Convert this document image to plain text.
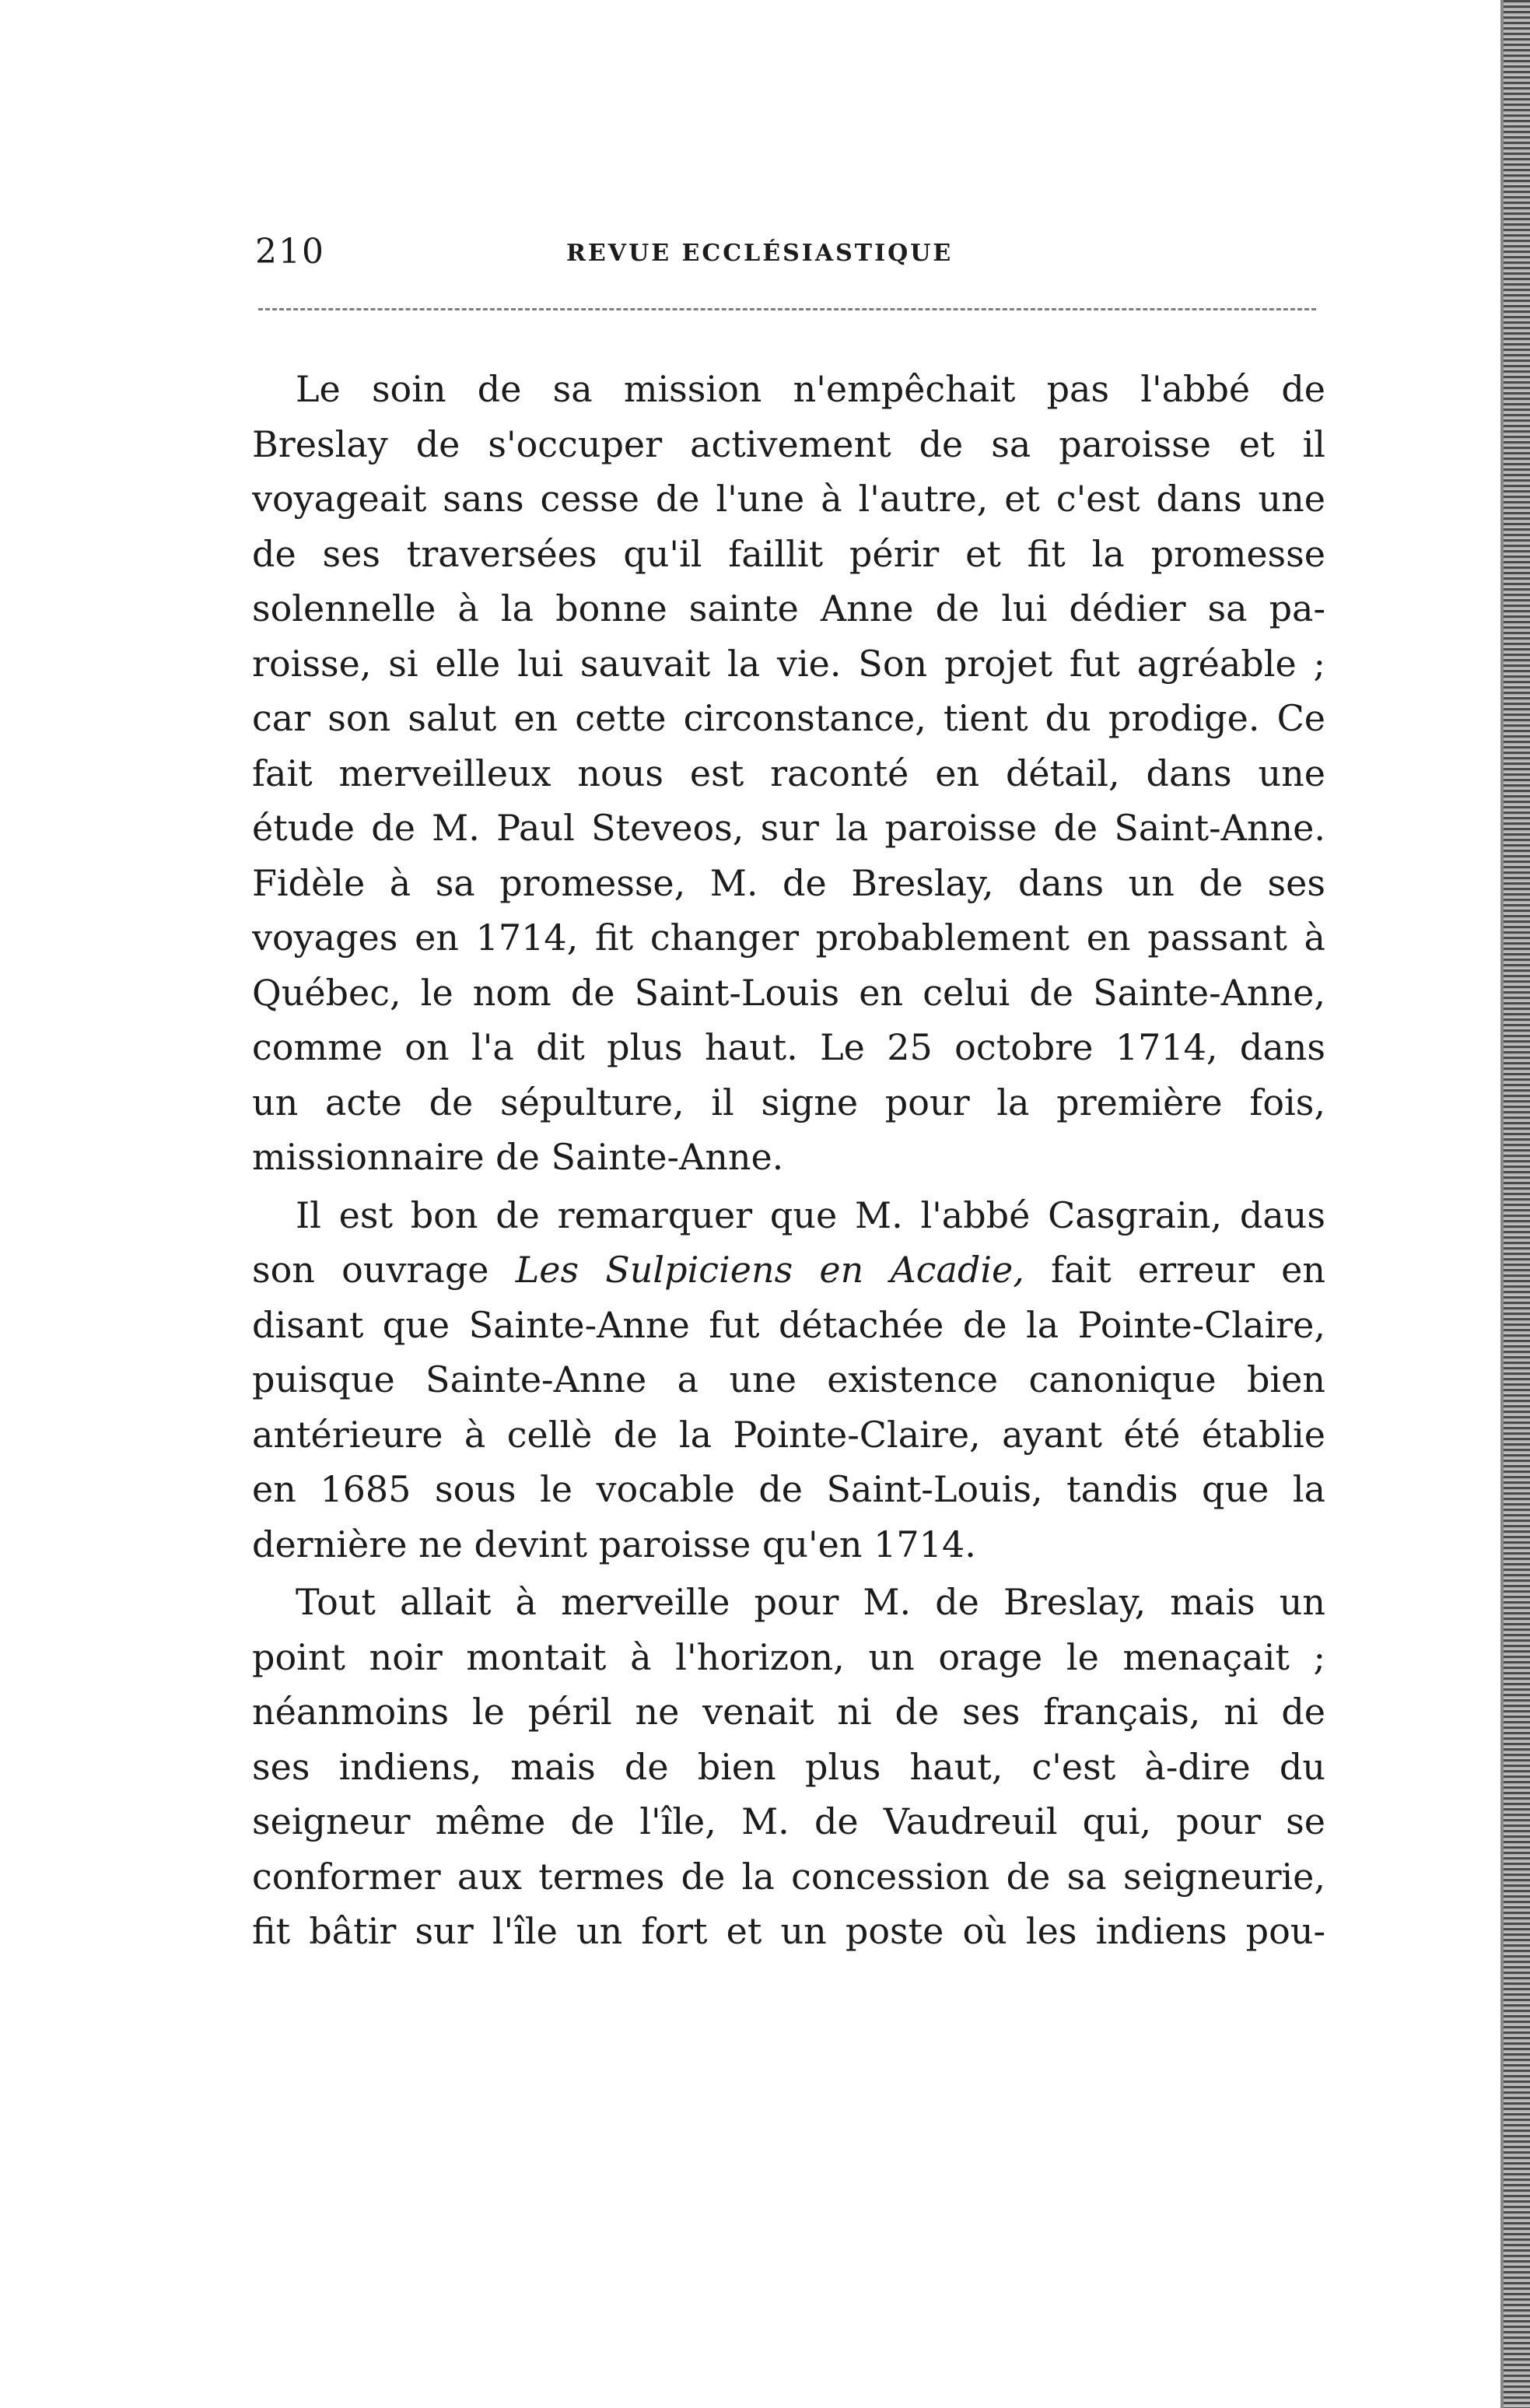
210	REVUE ECCLÉSIASTIQUE
Le soin de sa mission n'empêchait pas l'abbé de
Breslay de s'occuper activement de sa paroisse et il
voyageait sans cesse de l'une à l'autre, et c'est dans une
de ses traversées qu'il faillit périr et fit la promesse
solennelle à la bonne sainte Anne de lui dédier sa pa-
roisse, si elle lui sauvait la vie. Son projet fut agréable ;
car son salut en cette circonstance, tient du prodige. Ce
fait merveilleux nous est raconté en détail, dans une
étude de M. Paul Steveos, sur la paroisse de Saint-Anne.
Fidèle à sa promesse, M. de Breslay, dans un de ses
voyages en 1714, fit changer probablement en passant à
Québec, le nom de Saint-Louis en celui de Sainte-Anne,
comme on l'a dit plus haut. Le 25 octobre 1714, dans
un acte de sépulture, il signe pour la première fois,
missionnaire de Sainte-Anne.
Il est bon de remarquer que M. l'abbé Casgrain, daus
son ouvrage Les Sulpiciens en Acadie, fait erreur en
disant que Sainte-Anne fut détachée de la Pointe-Claire,
puisque Sainte-Anne a une existence canonique bien
antérieure à cellè de la Pointe-Claire, ayant été établie
en 1685 sous le vocable de Saint-Louis, tandis que la
dernière ne devint paroisse qu'en 1714.
Tout allait à merveille pour M. de Breslay, mais un
point noir montait à l'horizon, un orage le menaçait ;
néanmoins le péril ne venait ni de ses français, ni de
ses indiens, mais de bien plus haut, c'est à-dire du
seigneur même de l'île, M. de Vaudreuil qui, pour se
conformer aux termes de la concession de sa seigneurie,
fit bâtir sur l'île un fort et un poste où les indiens pou-
